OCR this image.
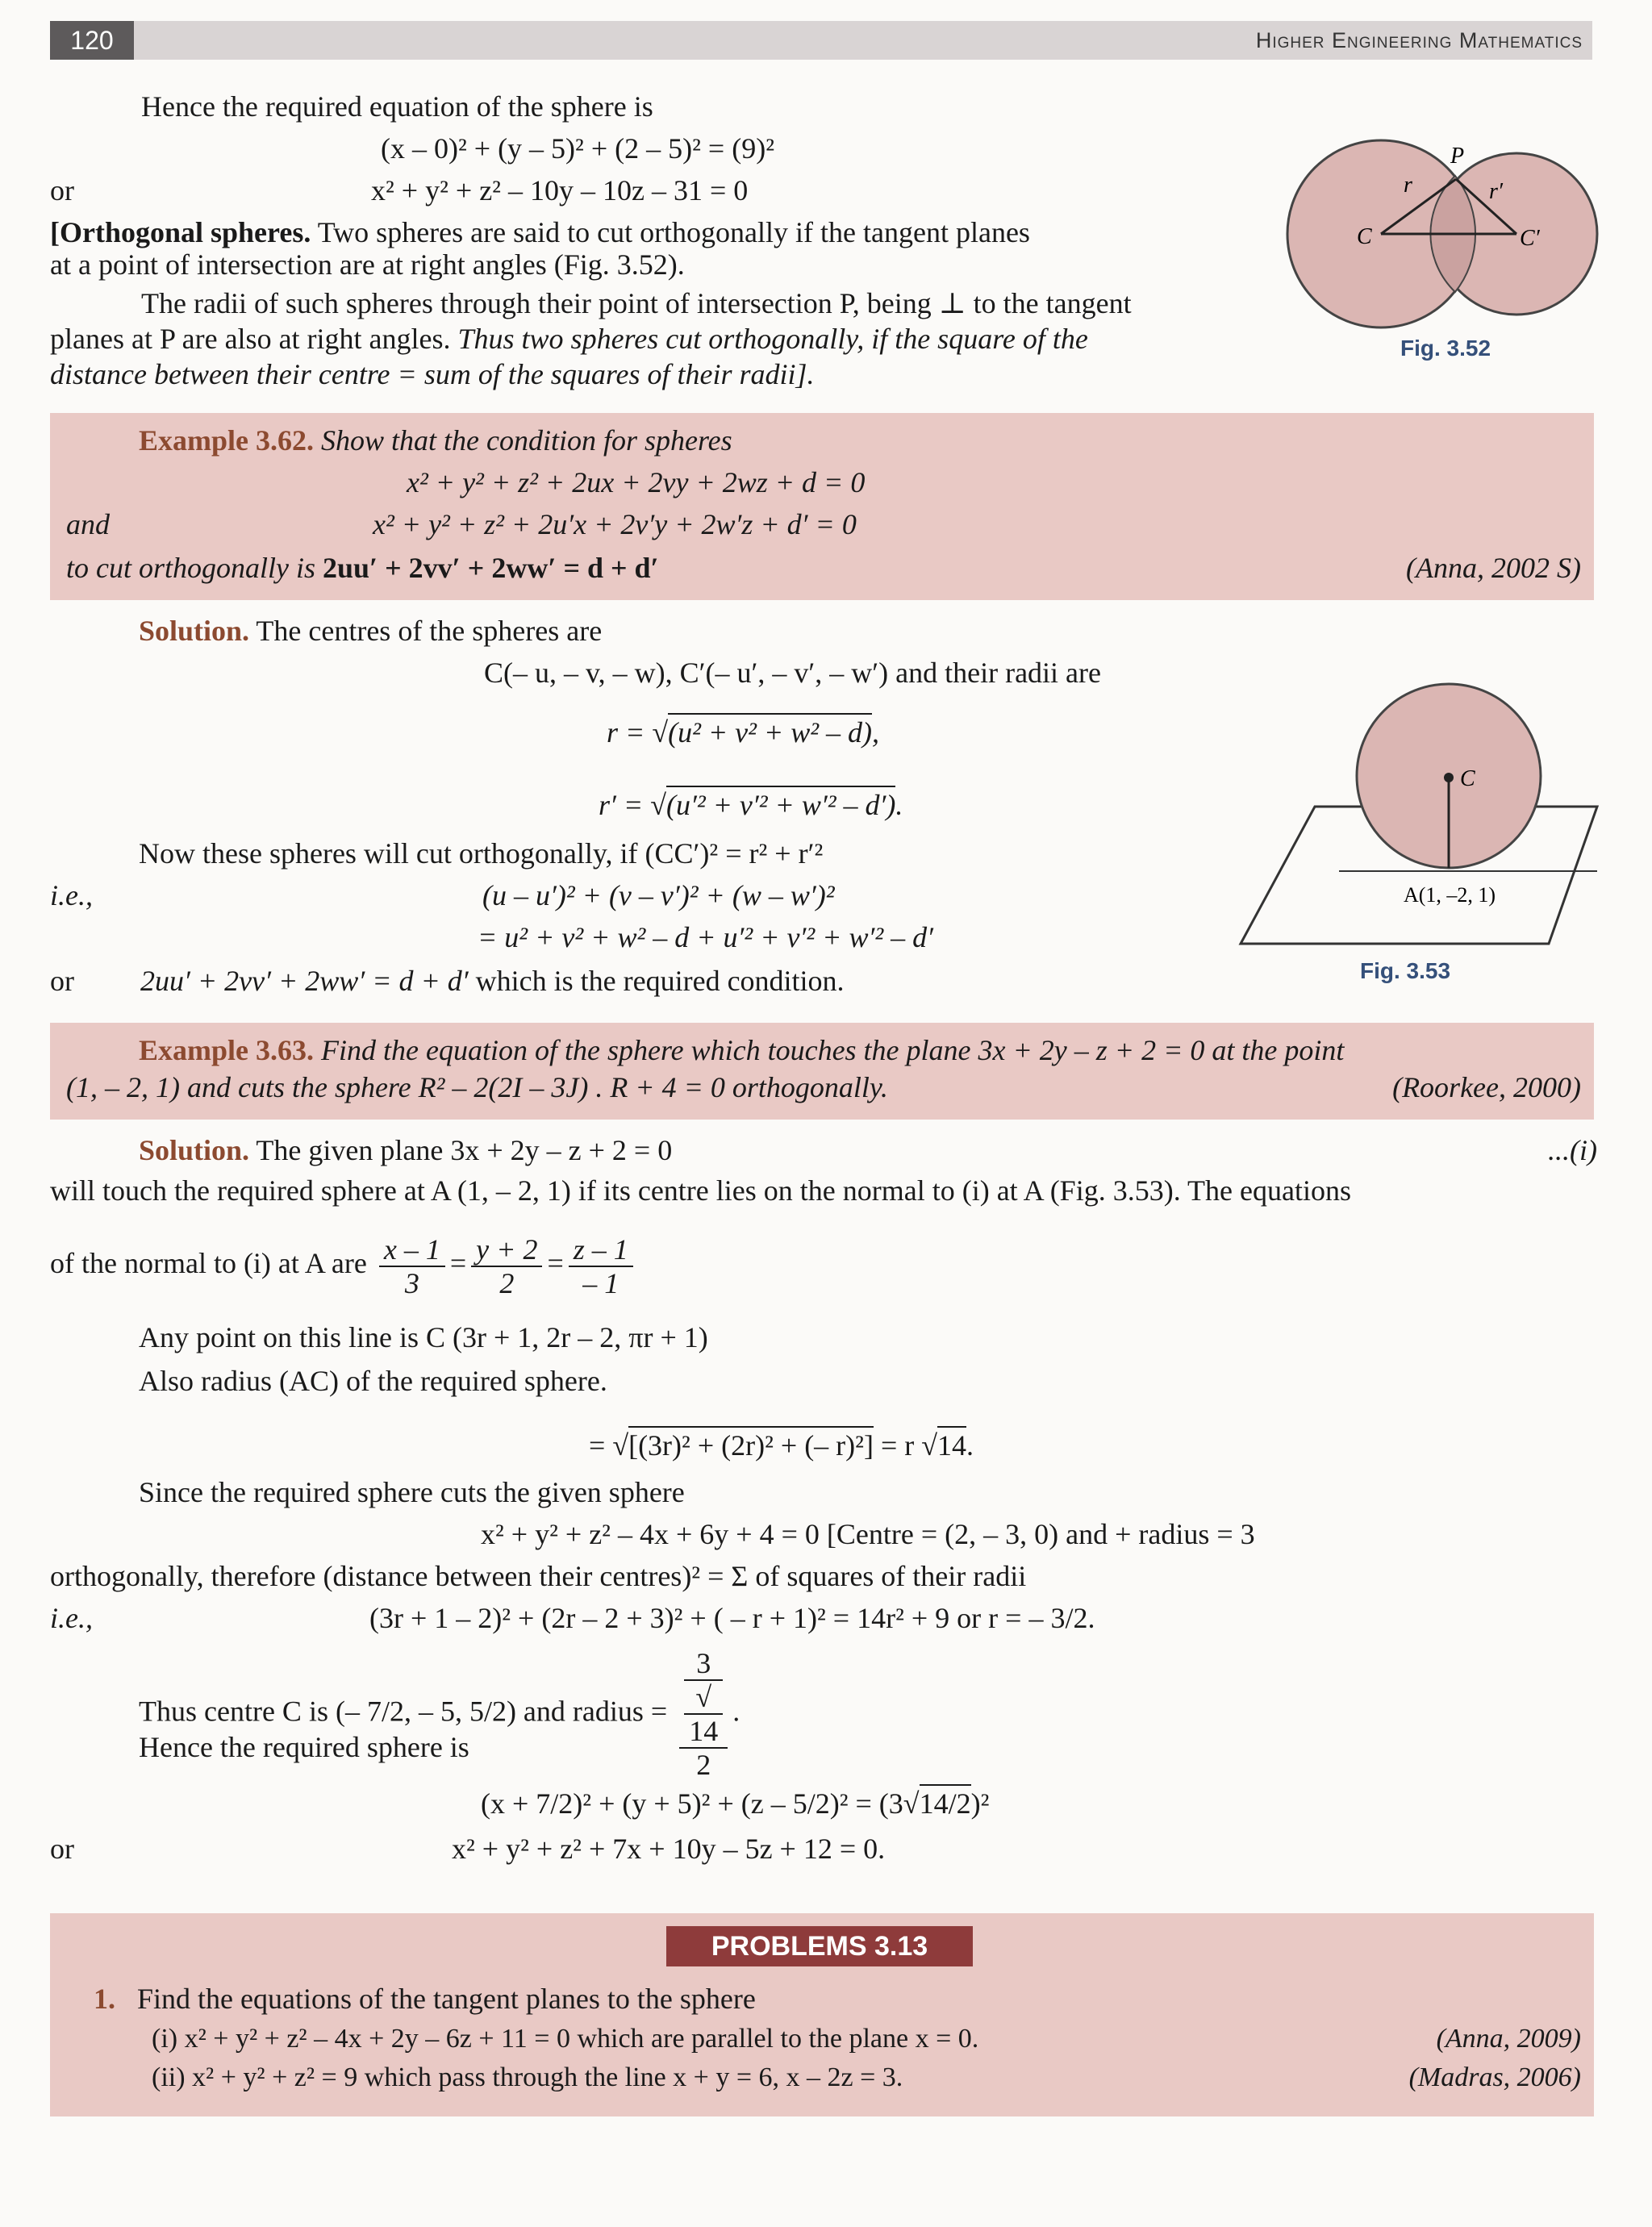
120	Higher Engineering Mathematics
Hence the required equation of the sphere is
(x – 0)² + (y – 5)² + (2 – 5)² = (9)²
or	x² + y² + z² – 10y – 10z – 31 = 0
[Orthogonal spheres. Two spheres are said to cut orthogonally if the tangent planes
at a point of intersection are at right angles (Fig. 3.52).
The radii of such spheres through their point of intersection P, being ⊥ to the tangent
planes at P are also at right angles. Thus two spheres cut orthogonally, if the square of the
distance between their centre = sum of the squares of their radii].
P
r	r′
C	C′
Fig. 3.52
Example 3.62. Show that the condition for spheres
x² + y² + z² + 2ux + 2vy + 2wz + d = 0
and	x² + y² + z² + 2u′x + 2v′y + 2w′z + d′ = 0
to cut orthogonally is 2uu′ + 2vv′ + 2ww′ = d + d′	(Anna, 2002 S)
Solution. The centres of the spheres are
C(– u, – v, – w), C′(– u′, – v′, – w′) and their radii are
r = √(u² + v² + w² – d),
r′ = √(u′² + v′² + w′² – d′).
Now these spheres will cut orthogonally, if (CC′)² = r² + r′²
i.e.,	(u – u′)² + (v – v′)² + (w – w′)²
= u² + v² + w² – d + u′² + v′² + w′² – d′
or 2uu′ + 2vv′ + 2ww′ = d + d′ which is the required condition.
C
A(1, –2, 1)
Fig. 3.53
Example 3.63. Find the equation of the sphere which touches the plane 3x + 2y – z + 2 = 0 at the point
(1, – 2, 1) and cuts the sphere R² – 2(2I – 3J) . R + 4 = 0 orthogonally.	(Roorkee, 2000)
Solution. The given plane 3x + 2y – z + 2 = 0	...(i)
will touch the required sphere at A (1, – 2, 1) if its centre lies on the normal to (i) at A (Fig. 3.53). The equations
of the normal to (i) at A are $\frac{x - 1}{3} = \frac{y + 2}{2} = \frac{z - 1}{- 1}$
Any point on this line is C (3r + 1, 2r – 2, πr + 1)
Also radius (AC) of the required sphere.
= √[(3r)² + (2r)² + (– r)²] = r √14.
Since the required sphere cuts the given sphere
x² + y² + z² – 4x + 6y + 4 = 0 [Centre = (2, – 3, 0) and + radius = 3
orthogonally, therefore (distance between their centres)² = Σ of squares of their radii
i.e.,	(3r + 1 – 2)² + (2r – 2 + 3)² + ( – r + 1)² = 14r² + 9 or r = – 3/2.
Thus centre C is (– 7/2, – 5, 5/2) and radius = 3
√
14
2 .
Hence the required sphere is
(x + 7/2)² + (y + 5)² + (z – 5/2)² = (3√14/2)²
or	x² + y² + z² + 7x + 10y – 5z + 12 = 0.
PROBLEMS 3.13
1. Find the equations of the tangent planes to the sphere
(i) x² + y² + z² – 4x + 2y – 6z + 11 = 0 which are parallel to the plane x = 0.	(Anna, 2009)
(ii) x² + y² + z² = 9 which pass through the line x + y = 6, x – 2z = 3.	(Madras, 2006)
